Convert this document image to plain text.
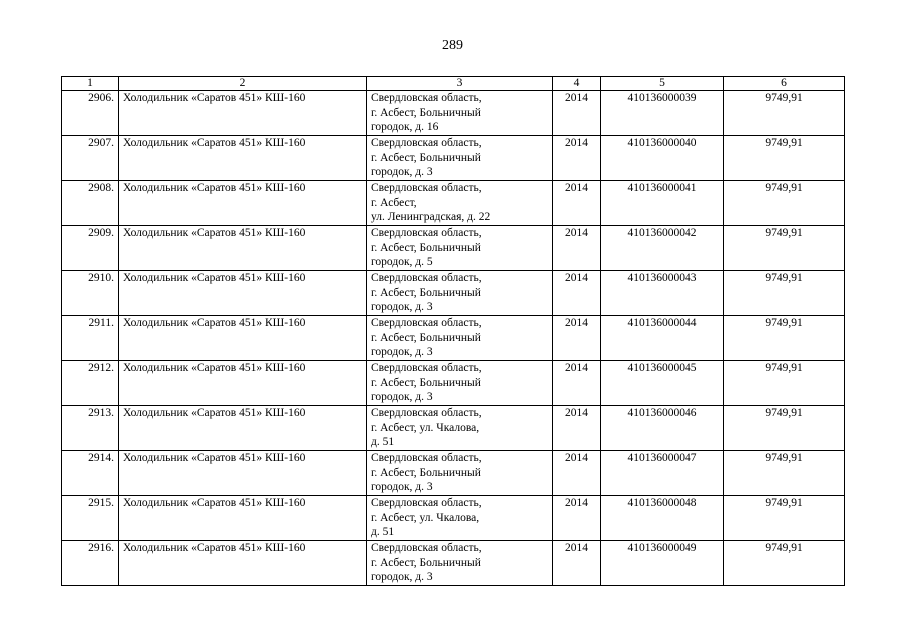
289
1	2	3	4	5	6
2906.	Холодильник «Саратов 451» КШ-160	Свердловская область,
г. Асбест, Больничный
городок, д. 16	2014	410136000039	9749,91
2907.	Холодильник «Саратов 451» КШ-160	Свердловская область,
г. Асбест, Больничный
городок, д. 3	2014	410136000040	9749,91
2908.	Холодильник «Саратов 451» КШ-160	Свердловская область,
г. Асбест,
ул. Ленинградская, д. 22	2014	410136000041	9749,91
2909.	Холодильник «Саратов 451» КШ-160	Свердловская область,
г. Асбест, Больничный
городок, д. 5	2014	410136000042	9749,91
2910.	Холодильник «Саратов 451» КШ-160	Свердловская область,
г. Асбест, Больничный
городок, д. 3	2014	410136000043	9749,91
2911.	Холодильник «Саратов 451» КШ-160	Свердловская область,
г. Асбест, Больничный
городок, д. 3	2014	410136000044	9749,91
2912.	Холодильник «Саратов 451» КШ-160	Свердловская область,
г. Асбест, Больничный
городок, д. 3	2014	410136000045	9749,91
2913.	Холодильник «Саратов 451» КШ-160	Свердловская область,
г. Асбест, ул. Чкалова,
д. 51	2014	410136000046	9749,91
2914.	Холодильник «Саратов 451» КШ-160	Свердловская область,
г. Асбест, Больничный
городок, д. 3	2014	410136000047	9749,91
2915.	Холодильник «Саратов 451» КШ-160	Свердловская область,
г. Асбест, ул. Чкалова,
д. 51	2014	410136000048	9749,91
2916.	Холодильник «Саратов 451» КШ-160	Свердловская область,
г. Асбест, Больничный
городок, д. 3	2014	410136000049	9749,91
